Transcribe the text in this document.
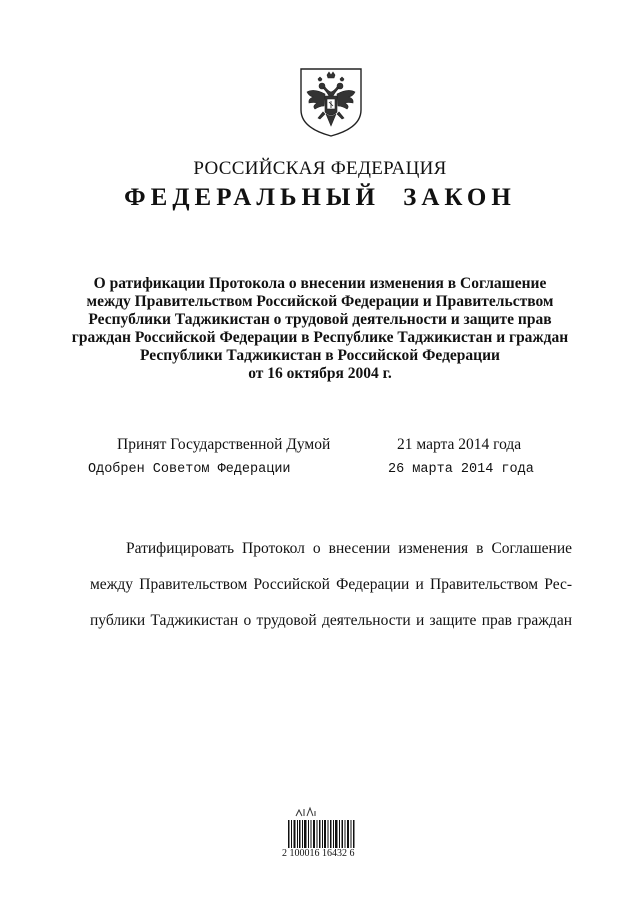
РОССИЙСКАЯ ФЕДЕРАЦИЯ
ФЕДЕРАЛЬНЫЙ ЗАКОН
О ратификации Протокола о внесении изменения в Соглашение
между Правительством Российской Федерации и Правительством
Республики Таджикистан о трудовой деятельности и защите прав
граждан Российской Федерации в Республике Таджикистан и граждан
Республики Таджикистан в Российской Федерации
от 16 октября 2004 г.
Принят Государственной Думой	21 марта 2014 года
Одобрен Советом Федерации	26 марта 2014 года
Ратифицировать Протокол о внесении изменения в Соглашение
между Правительством Российской Федерации и Правительством Рес-
публики Таджикистан о трудовой деятельности и защите прав граждан
2 100016 16432 6
